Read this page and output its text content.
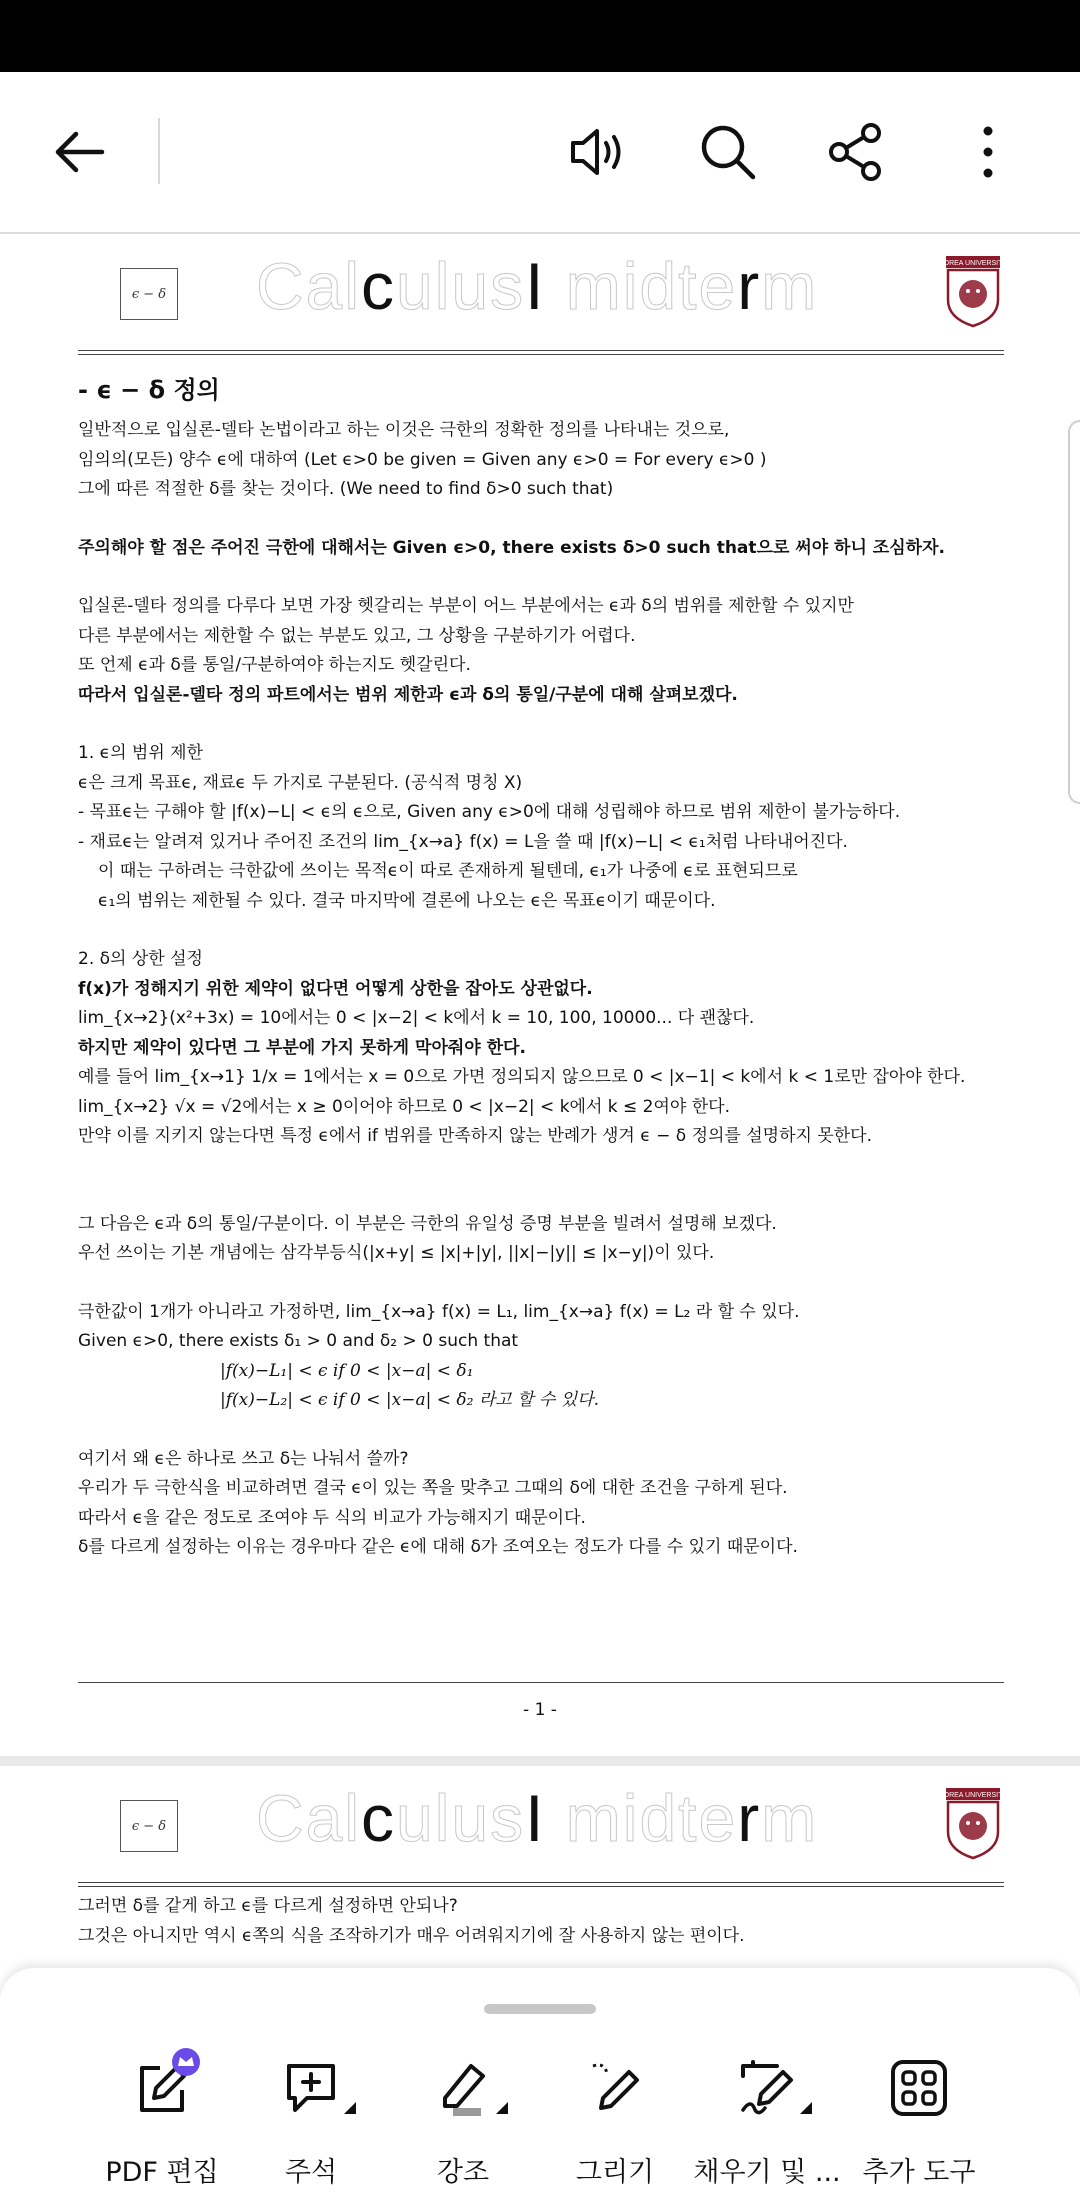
ϵ − δ CalculusI midterm	KOREA UNIVERSITY
- ϵ − δ 정의
일반적으로 입실론-델타 논법이라고 하는 이것은 극한의 정확한 정의를 나타내는 것으로,
임의의(모든) 양수 ϵ에 대하여 (Let ϵ>0 be given = Given any ϵ>0 = For every ϵ>0 )
그에 따른 적절한 δ를 찾는 것이다. (We need to find δ>0 such that)
주의해야 할 점은 주어진 극한에 대해서는 Given ϵ>0, there exists δ>0 such that으로 써야 하니 조심하자.
입실론-델타 정의를 다루다 보면 가장 헷갈리는 부분이 어느 부분에서는 ϵ과 δ의 범위를 제한할 수 있지만
다른 부분에서는 제한할 수 없는 부분도 있고, 그 상황을 구분하기가 어렵다.
또 언제 ϵ과 δ를 통일/구분하여야 하는지도 헷갈린다.
따라서 입실론-델타 정의 파트에서는 범위 제한과 ϵ과 δ의 통일/구분에 대해 살펴보겠다.
1. ϵ의 범위 제한
ϵ은 크게 목표ϵ, 재료ϵ 두 가지로 구분된다. (공식적 명칭 X)
- 목표ϵ는 구해야 할 |f(x)−L| < ϵ의 ϵ으로, Given any ϵ>0에 대해 성립해야 하므로 범위 제한이 불가능하다.
- 재료ϵ는 알려져 있거나 주어진 조건의 lim_{x→a} f(x) = L을 쓸 때 |f(x)−L| < ϵ₁처럼 나타내어진다.
이 때는 구하려는 극한값에 쓰이는 목적ϵ이 따로 존재하게 될텐데, ϵ₁가 나중에 ϵ로 표현되므로
ϵ₁의 범위는 제한될 수 있다. 결국 마지막에 결론에 나오는 ϵ은 목표ϵ이기 때문이다.
2. δ의 상한 설정
f(x)가 정해지기 위한 제약이 없다면 어떻게 상한을 잡아도 상관없다.
lim_{x→2}(x²+3x) = 10에서는 0 < |x−2| < k에서 k = 10, 100, 10000... 다 괜찮다.
하지만 제약이 있다면 그 부분에 가지 못하게 막아줘야 한다.
예를 들어 lim_{x→1} 1/x = 1에서는 x = 0으로 가면 정의되지 않으므로 0 < |x−1| < k에서 k < 1로만 잡아야 한다.
lim_{x→2} √x = √2에서는 x ≥ 0이어야 하므로 0 < |x−2| < k에서 k ≤ 2여야 한다.
만약 이를 지키지 않는다면 특정 ϵ에서 if 범위를 만족하지 않는 반례가 생겨 ϵ − δ 정의를 설명하지 못한다.
그 다음은 ϵ과 δ의 통일/구분이다. 이 부분은 극한의 유일성 증명 부분을 빌려서 설명해 보겠다.
우선 쓰이는 기본 개념에는 삼각부등식(|x+y| ≤ |x|+|y|, ||x|−|y|| ≤ |x−y|)이 있다.
극한값이 1개가 아니라고 가정하면, lim_{x→a} f(x) = L₁, lim_{x→a} f(x) = L₂ 라 할 수 있다.
Given ϵ>0, there exists δ₁ > 0 and δ₂ > 0 such that
|f(x)−L₁| < ϵ if 0 < |x−a| < δ₁
|f(x)−L₂| < ϵ if 0 < |x−a| < δ₂ 라고 할 수 있다.
여기서 왜 ϵ은 하나로 쓰고 δ는 나눠서 쓸까?
우리가 두 극한식을 비교하려면 결국 ϵ이 있는 쪽을 맞추고 그때의 δ에 대한 조건을 구하게 된다.
따라서 ϵ을 같은 정도로 조여야 두 식의 비교가 가능해지기 때문이다.
δ를 다르게 설정하는 이유는 경우마다 같은 ϵ에 대해 δ가 조여오는 정도가 다를 수 있기 때문이다.
- 1 -
ϵ − δ CalculusI midterm	KOREA UNIVERSITY
그러면 δ를 같게 하고 ϵ를 다르게 설정하면 안되나?
그것은 아니지만 역시 ϵ쪽의 식을 조작하기가 매우 어려워지기에 잘 사용하지 않는 편이다.
PDF 편집	주석	강조	그리기	채우기 및 ... 추가 도구
